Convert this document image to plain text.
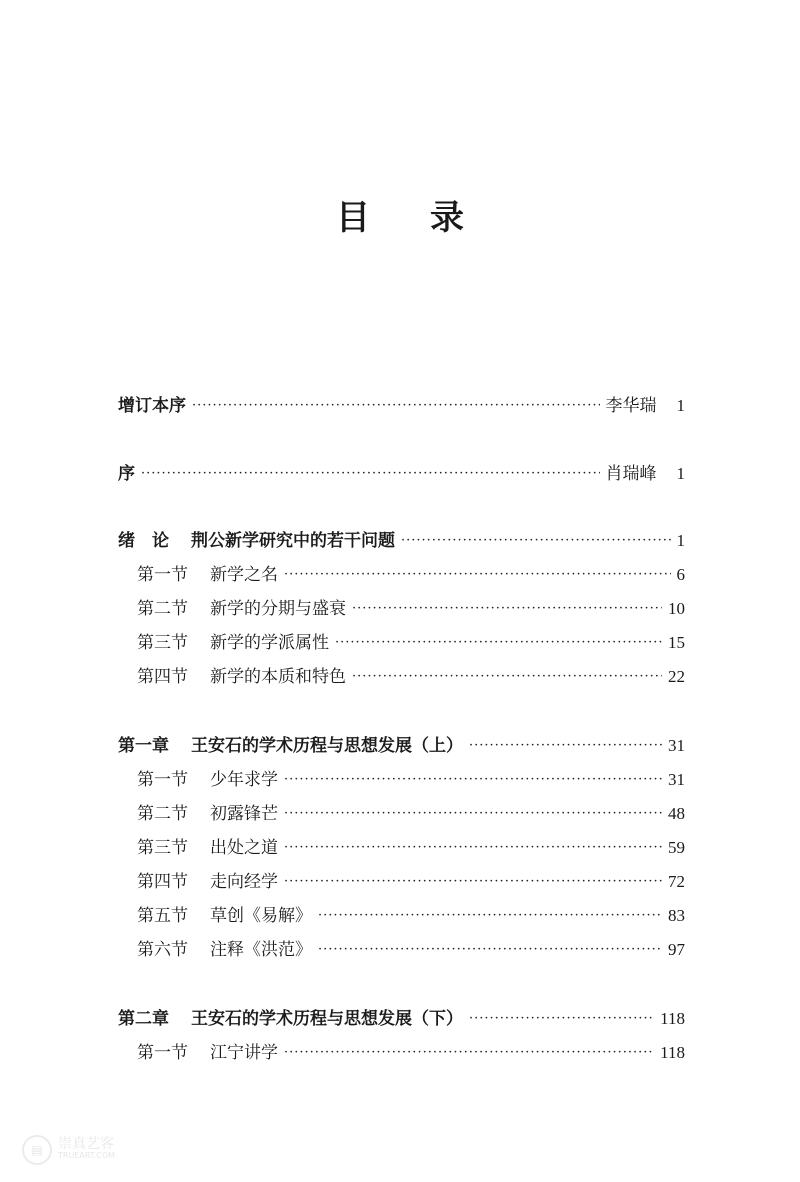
目 录
增订本序 ·····	李华瑞 1
序 ·····	肖瑞峰 1
绪　论 荆公新学研究中的若干问题 ·····	1
第一节 新学之名 ·····	6
第二节 新学的分期与盛衰 ·····	10
第三节 新学的学派属性 ·····	15
第四节 新学的本质和特色 ·····	22
第一章 王安石的学术历程与思想发展（上） ·····	31
第一节 少年求学 ·····	31
第二节 初露锋芒 ·····	48
第三节 出处之道 ·····	59
第四节 走向经学 ·····	72
第五节 草创《易解》 ·····	83
第六节 注释《洪范》 ·····	97
第二章 王安石的学术历程与思想发展（下） ·····	118
第一节 江宁讲学 ·····	118
▤	崇真艺客
TRUEART.COM
